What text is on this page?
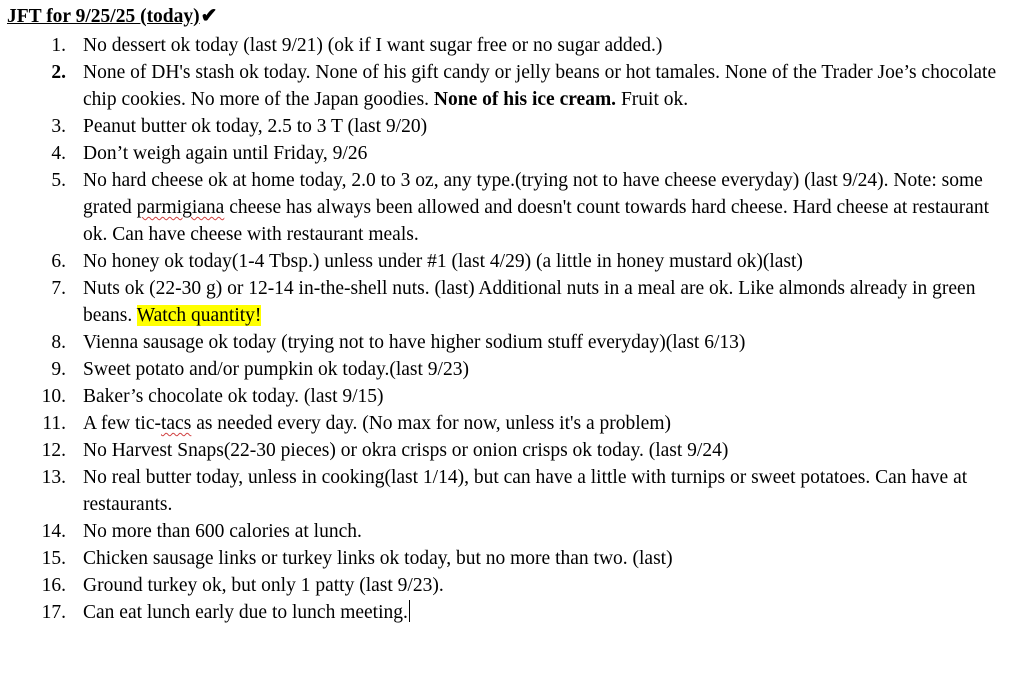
JFT for 9/25/25 (today)✔
1. No dessert ok today (last 9/21) (ok if I want sugar free or no sugar added.)
2. None of DH's stash ok today. None of his gift candy or jelly beans or hot tamales. None of the Trader Joe’s chocolate chip cookies. No more of the Japan goodies. None of his ice cream. Fruit ok.
3. Peanut butter ok today, 2.5 to 3 T (last 9/20)
4. Don’t weigh again until Friday, 9/26
5. No hard cheese ok at home today, 2.0 to 3 oz, any type.(trying not to have cheese everyday) (last 9/24). Note: some grated parmigiana cheese has always been allowed and doesn't count towards hard cheese. Hard cheese at restaurant ok. Can have cheese with restaurant meals.
6. No honey ok today(1-4 Tbsp.) unless under #1 (last 4/29) (a little in honey mustard ok)(last)
7. Nuts ok (22-30 g) or 12-14 in-the-shell nuts. (last) Additional nuts in a meal are ok. Like almonds already in green beans. Watch quantity!
8. Vienna sausage ok today (trying not to have higher sodium stuff everyday)(last 6/13)
9. Sweet potato and/or pumpkin ok today.(last 9/23)
10. Baker’s chocolate ok today. (last 9/15)
11. A few tic-tacs as needed every day. (No max for now, unless it's a problem)
12. No Harvest Snaps(22-30 pieces) or okra crisps or onion crisps ok today. (last 9/24)
13. No real butter today, unless in cooking(last 1/14), but can have a little with turnips or sweet potatoes. Can have at restaurants.
14. No more than 600 calories at lunch.
15. Chicken sausage links or turkey links ok today, but no more than two. (last)
16. Ground turkey ok, but only 1 patty (last 9/23).
17. Can eat lunch early due to lunch meeting.
